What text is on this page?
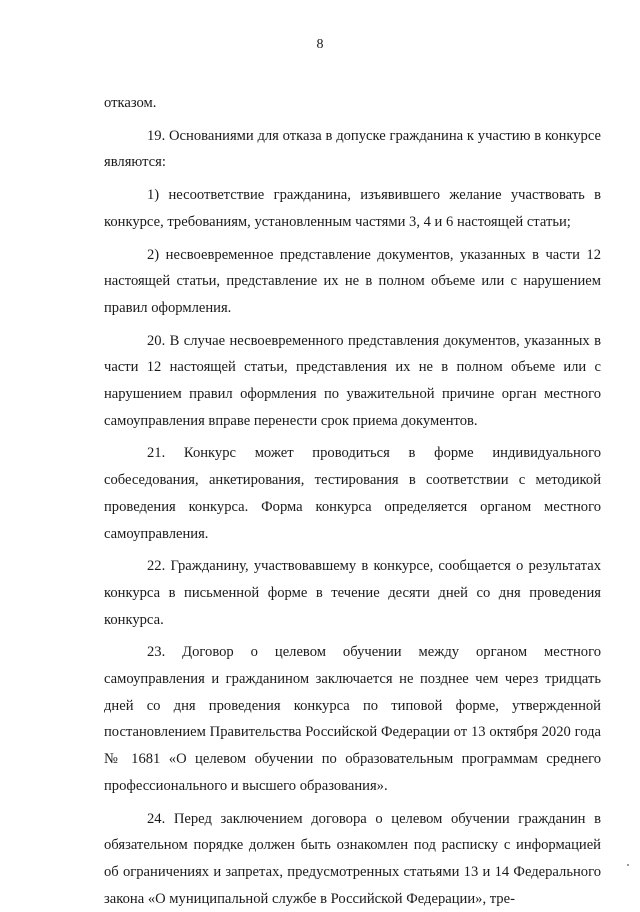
8

отказом.

19. Основаниями для отказа в допуске гражданина к участию в конкурсе являются:

1) несоответствие гражданина, изъявившего желание участвовать в конкурсе, требованиям, установленным частями 3, 4 и 6 настоящей статьи;

2) несвоевременное представление документов, указанных в части 12 настоящей статьи, представление их не в полном объеме или с нарушением правил оформления.

20. В случае несвоевременного представления документов, указанных в части 12 настоящей статьи, представления их не в полном объеме или с нарушением правил оформления по уважительной причине орган местного самоуправления вправе перенести срок приема документов.

21. Конкурс может проводиться в форме индивидуального собеседования, анкетирования, тестирования в соответствии с методикой проведения конкурса. Форма конкурса определяется органом местного самоуправления.

22. Гражданину, участвовавшему в конкурсе, сообщается о результатах конкурса в письменной форме в течение десяти дней со дня проведения конкурса.

23. Договор о целевом обучении между органом местного самоуправления и гражданином заключается не позднее чем через тридцать дней со дня проведения конкурса по типовой форме, утвержденной постановлением Правительства Российской Федерации от 13 октября 2020 года № 1681 «О целевом обучении по образовательным программам среднего профессионального и высшего образования».

24. Перед заключением договора о целевом обучении гражданин в обязательном порядке должен быть ознакомлен под расписку с информацией об ограничениях и запретах, предусмотренных статьями 13 и 14 Федерального закона «О муниципальной службе в Российской Федерации», тре-
